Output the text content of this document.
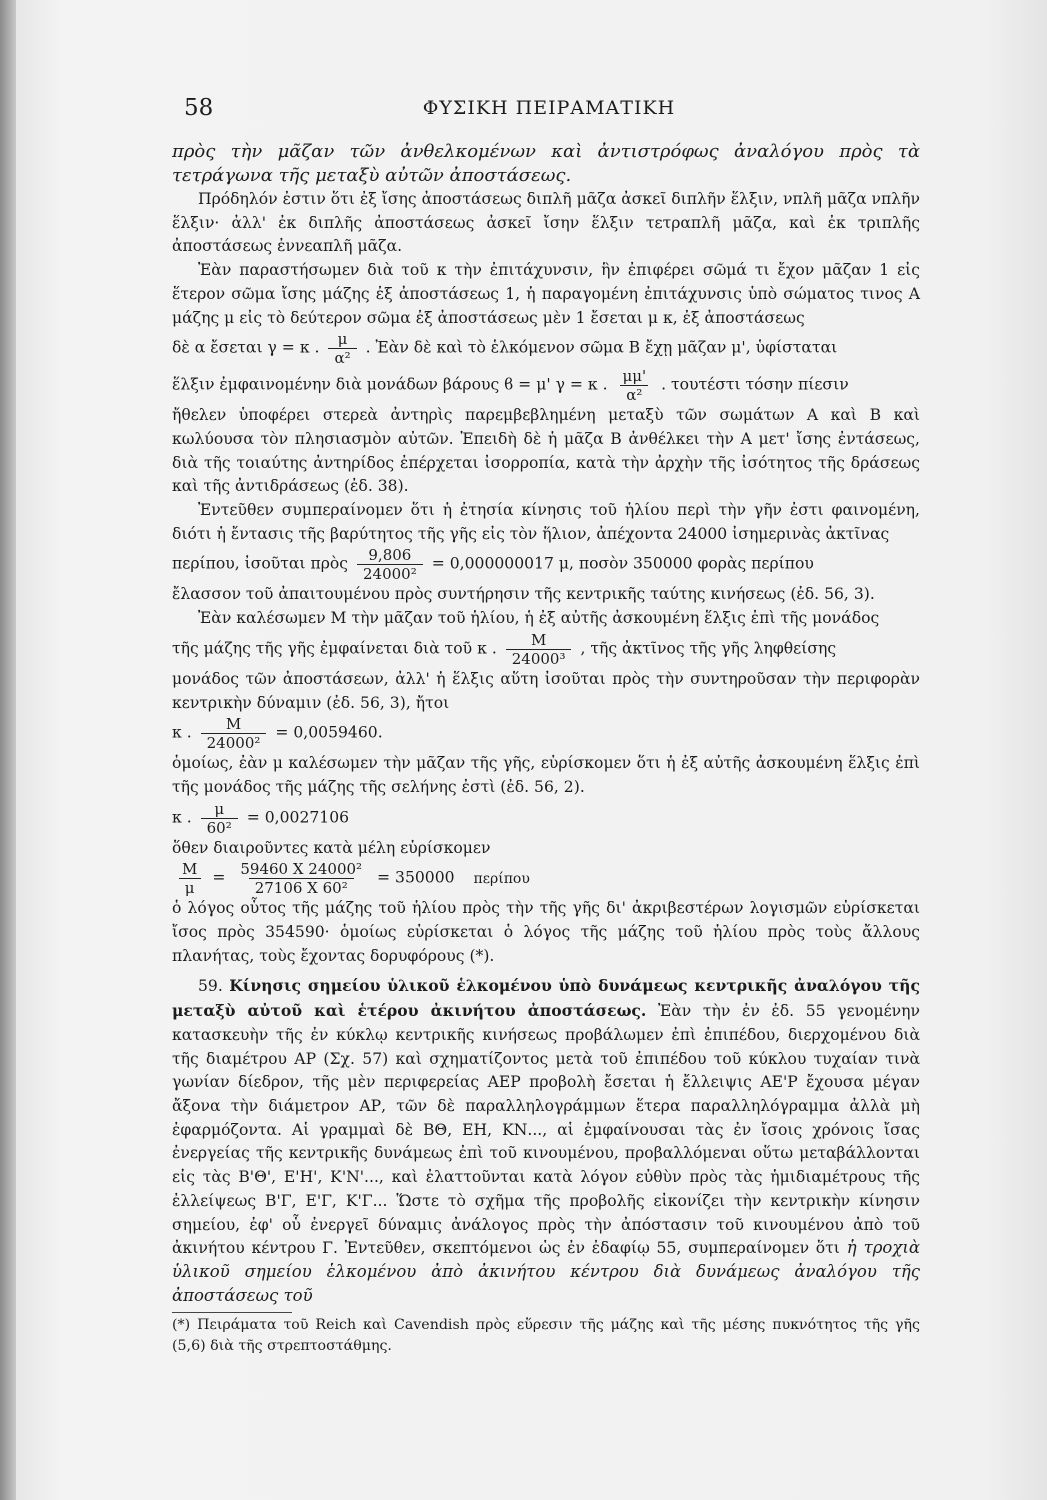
58	ΦΥΣΙΚΗ ΠΕΙΡΑΜΑΤΙΚΗ

πρὸς τὴν μᾶζαν τῶν ἀνθελκομένων καὶ ἀντιστρόφως ἀναλόγου πρὸς τὰ τετράγωνα τῆς μεταξὺ αὐτῶν ἀποστάσεως.

Πρόδηλόν ἐστιν ὅτι ἐξ ἴσης ἀποστάσεως διπλῆ μᾶζα ἀσκεῖ διπλῆν ἕλξιν, νπλῆ μᾶζα νπλῆν ἕλξιν· ἀλλ' ἐκ διπλῆς ἀποστάσεως ἀσκεῖ ἴσην ἕλξιν τετραπλῆ μᾶζα, καὶ ἐκ τριπλῆς ἀποστάσεως ἐννεαπλῆ μᾶζα.

Ἐὰν παραστήσωμεν διὰ τοῦ κ τὴν ἐπιτάχυνσιν, ἣν ἐπιφέρει σῶμά τι ἔχον μᾶζαν 1 εἰς ἕτερον σῶμα ἴσης μάζης ἐξ ἀποστάσεως 1, ἡ παραγομένη ἐπιτάχυνσις ὑπὸ σώματος τινος Α μάζης μ εἰς τὸ δεύτερον σῶμα ἐξ ἀποστάσεως μὲν 1 ἔσεται μ κ, ἐξ ἀποστάσεως

δὲ α ἔσεται γ = κ . $\frac{\mu}{\text{α²}}$ . Ἐὰν δὲ καὶ τὸ ἑλκόμενον σῶμα Β ἔχῃ μᾶζαν μ', ὑφίσταται

ἕλξιν ἐμφαινομένην διὰ μονάδων βάρους ϐ = μ' γ = κ . $\frac{\mu\mu'}{\text{α²}}$ . τουτέστι τόσην πίεσιν

ἤθελεν ὑποφέρει στερεὰ ἀντηρὶς παρεμβεβλημένη μεταξὺ τῶν σωμάτων Α καὶ Β καὶ κωλύουσα τὸν πλησιασμὸν αὐτῶν. Ἐπειδὴ δὲ ἡ μᾶζα Β ἀνθέλκει τὴν Α μετ' ἴσης ἐντάσεως, διὰ τῆς τοιαύτης ἀντηρίδος ἐπέρχεται ἰσορροπία, κατὰ τὴν ἀρχὴν τῆς ἰσότητος τῆς δράσεως καὶ τῆς ἀντιδράσεως (ἐδ. 38).

Ἐντεῦθεν συμπεραίνομεν ὅτι ἡ ἐτησία κίνησις τοῦ ἡλίου περὶ τὴν γῆν ἐστι φαινομένη, διότι ἡ ἔντασις τῆς βαρύτητος τῆς γῆς εἰς τὸν ἥλιον, ἀπέχοντα 24000 ἰσημερινὰς ἀκτῖνας

περίπου, ἰσοῦται πρὸς $\frac{9,806}{\text{24000²}} = 0,000000017$ μ, ποσὸν 350000 φορὰς περίπου

ἔλασσον τοῦ ἀπαιτουμένου πρὸς συντήρησιν τῆς κεντρικῆς ταύτης κινήσεως (ἐδ. 56, 3).

Ἐὰν καλέσωμεν Μ τὴν μᾶζαν τοῦ ἡλίου, ἡ ἐξ αὐτῆς ἀσκουμένη ἕλξις ἐπὶ τῆς μονάδος

τῆς μάζης τῆς γῆς ἐμφαίνεται διὰ τοῦ κ . $\frac{M}{\text{24000³}}$ , τῆς ἀκτῖνος τῆς γῆς ληφθείσης

μονάδος τῶν ἀποστάσεων, ἀλλ' ἡ ἕλξις αὕτη ἰσοῦται πρὸς τὴν συντηροῦσαν τὴν περιφορὰν κεντρικὴν δύναμιν (ἐδ. 56, 3), ἤτοι

κ . $\frac{M}{\text{24000²}} = 0,0059460$.

ὁμοίως, ἐὰν μ καλέσωμεν τὴν μᾶζαν τῆς γῆς, εὑρίσκομεν ὅτι ἡ ἐξ αὐτῆς ἀσκουμένη ἕλξις ἐπὶ τῆς μονάδος τῆς μάζης τῆς σελήνης ἐστὶ (ἐδ. 56, 2).

κ . $\frac{\mu}{\text{60²}} = 0,0027106$

ὅθεν διαιροῦντες κατὰ μέλη εὑρίσκομεν

$\frac{M}{\mu} = \frac{\text{59460 X 24000²}}{\text{27106 X 60²}} = 350000$ περίπου

ὁ λόγος οὗτος τῆς μάζης τοῦ ἡλίου πρὸς τὴν τῆς γῆς δι' ἀκριβεστέρων λογισμῶν εὑρίσκεται ἴσος πρὸς 354590· ὁμοίως εὑρίσκεται ὁ λόγος τῆς μάζης τοῦ ἡλίου πρὸς τοὺς ἄλλους πλανήτας, τοὺς ἔχοντας δορυφόρους (*).

59. Κίνησις σημείου ὑλικοῦ ἑλκομένου ὑπὸ δυνάμεως κεντρικῆς ἀναλόγου τῆς μεταξὺ αὐτοῦ καὶ ἑτέρου ἀκινήτου ἀποστάσεως. Ἐὰν τὴν ἐν ἐδ. 55 γενομένην κατασκευὴν τῆς ἐν κύκλῳ κεντρικῆς κινήσεως προβάλωμεν ἐπὶ ἐπιπέδου, διερχομένου διὰ τῆς διαμέτρου ΑΡ (Σχ. 57) καὶ σχηματίζοντος μετὰ τοῦ ἐπιπέδου τοῦ κύκλου τυχαίαν τινὰ γωνίαν δίεδρον, τῆς μὲν περιφερείας ΑΕΡ προβολὴ ἔσεται ἡ ἔλλειψις ΑΕ'Ρ ἔχουσα μέγαν ἄξονα τὴν διάμετρον ΑΡ, τῶν δὲ παραλληλογράμμων ἕτερα παραλληλόγραμμα ἀλλὰ μὴ ἐφαρμόζοντα. Αἱ γραμμαὶ δὲ ΒΘ, ΕΗ, ΚΝ..., αἱ ἐμφαίνουσαι τὰς ἐν ἴσοις χρόνοις ἴσας ἐνεργείας τῆς κεντρικῆς δυνάμεως ἐπὶ τοῦ κινουμένου, προβαλλόμεναι οὕτω μεταβάλλονται εἰς τὰς Β'Θ', Ε'Η', Κ'Ν'..., καὶ ἐλαττοῦνται κατὰ λόγον εὐθὺν πρὸς τὰς ἡμιδιαμέτρους τῆς ἐλλείψεως Β'Γ, Ε'Γ, Κ'Γ... Ὥστε τὸ σχῆμα τῆς προβολῆς εἰκονίζει τὴν κεντρικὴν κίνησιν σημείου, ἐφ' οὗ ἐνεργεῖ δύναμις ἀνάλογος πρὸς τὴν ἀπόστασιν τοῦ κινουμένου ἀπὸ τοῦ ἀκινήτου κέντρου Γ. Ἐντεῦθεν, σκεπτόμενοι ὡς ἐν ἐδαφίῳ 55, συμπεραίνομεν ὅτι ἡ τροχιὰ ὑλικοῦ σημείου ἑλκομένου ἀπὸ ἀκινήτου κέντρου διὰ δυνάμεως ἀναλόγου τῆς ἀποστάσεως τοῦ

(*) Πειράματα τοῦ Reich καὶ Cavendish πρὸς εὕρεσιν τῆς μάζης καὶ τῆς μέσης πυκνότητος τῆς γῆς (5,6) διὰ τῆς στρεπτοστάθμης.
